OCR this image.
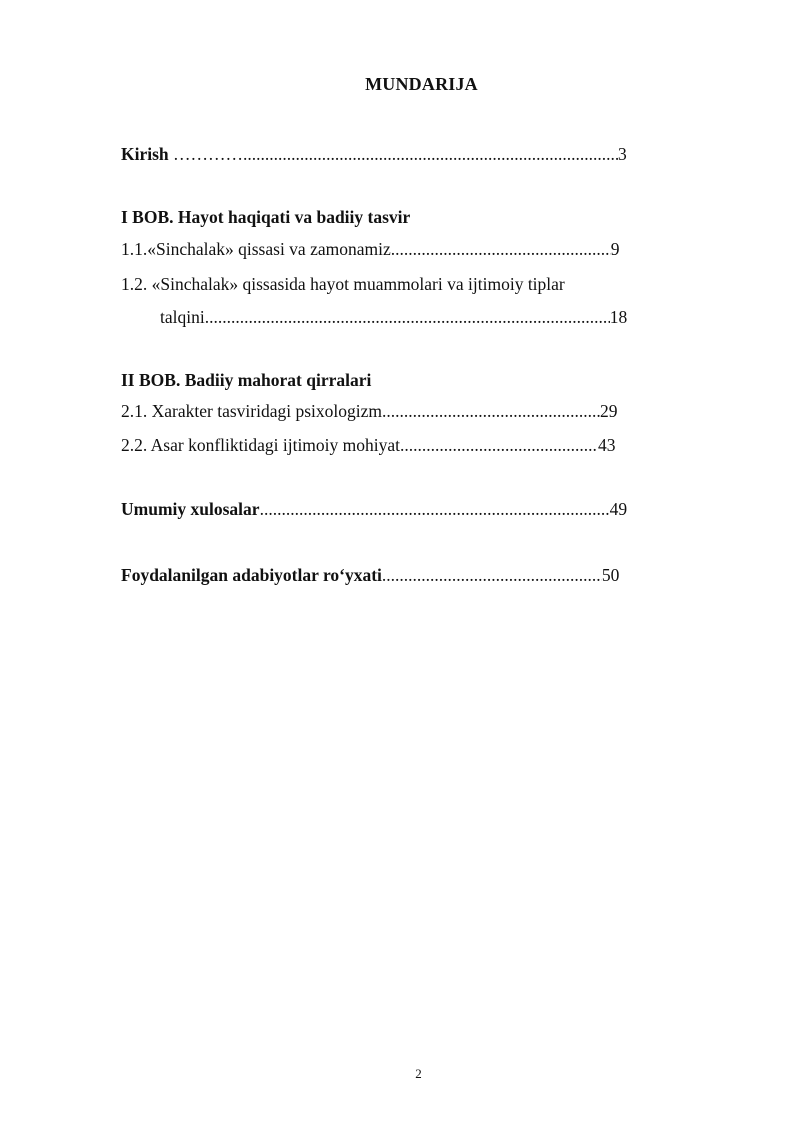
MUNDARIJA
Kirish ………… .....	3
I BOB. Hayot haqiqati va badiiy tasvir
1.1.«Sinchalak» qissasi va zamonamiz .....	9
1.2. «Sinchalak» qissasida hayot muammolari va ijtimoiy tiplar
talqini .....	18
II BOB. Badiiy mahorat qirralari
2.1. Xarakter tasviridagi psixologizm .....	29
2.2. Asar konfliktidagi ijtimoiy mohiyat .....	43
Umumiy xulosalar .....	49
Foydalanilgan adabiyotlar ro‘yxati .....	50
2
